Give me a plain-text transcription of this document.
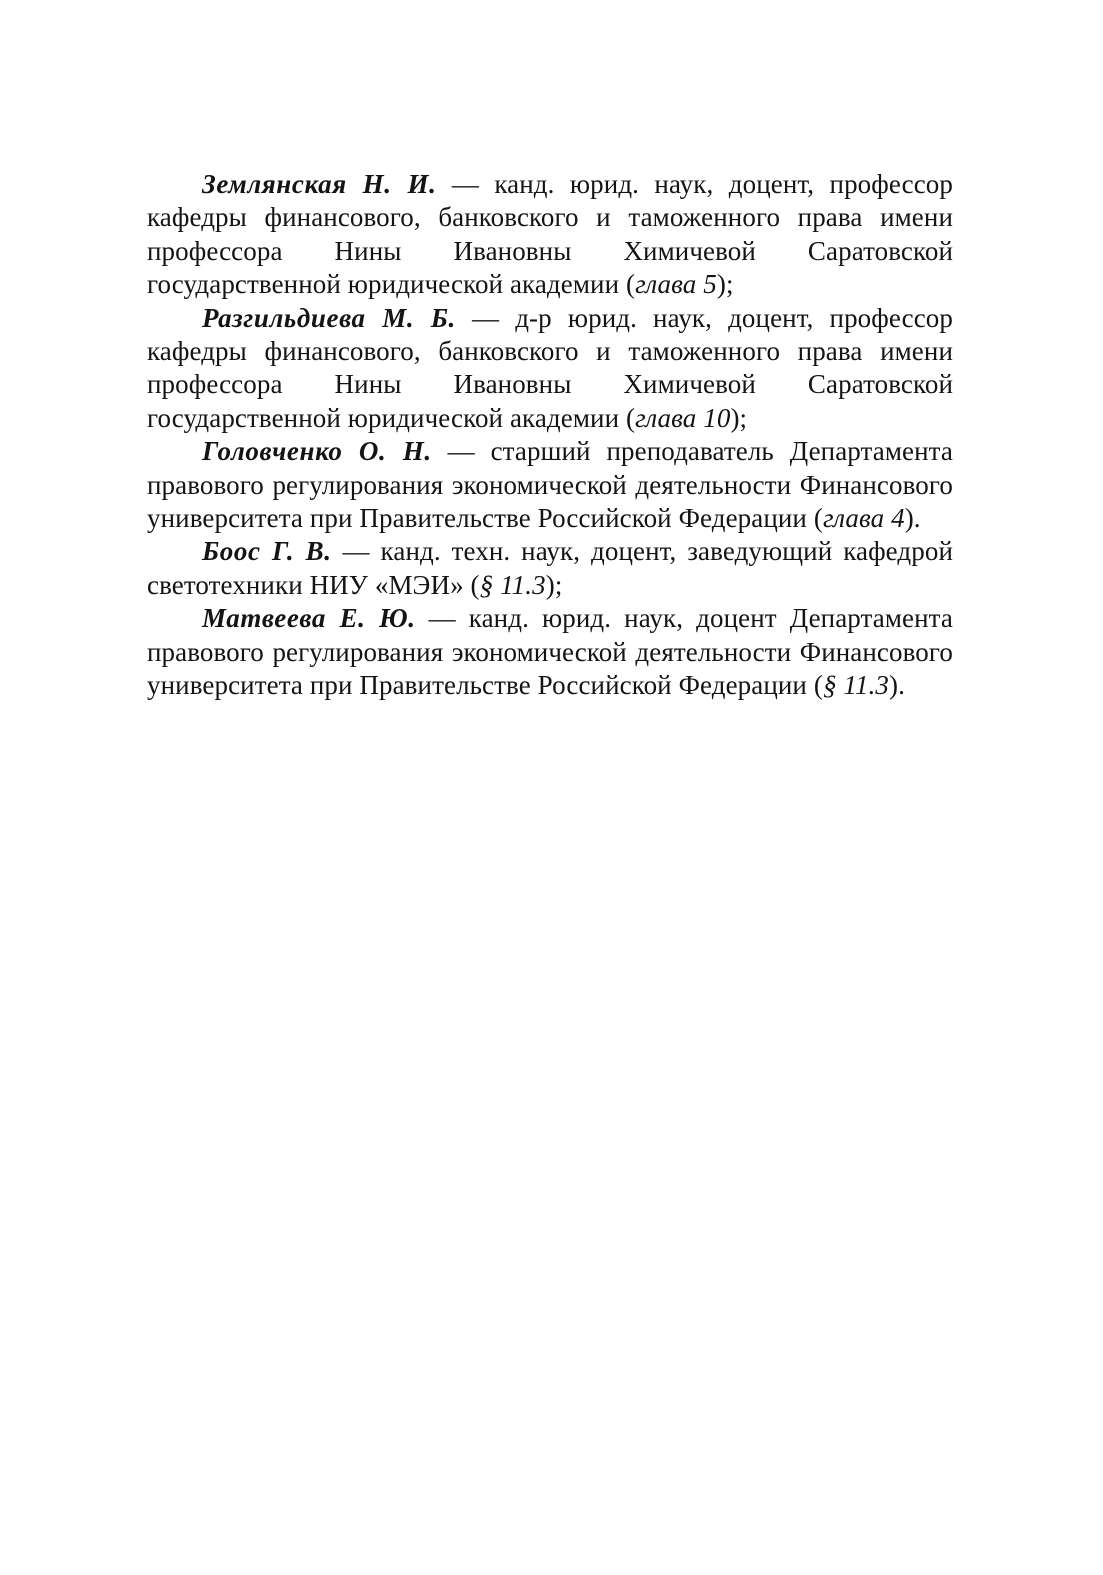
Землянская Н. И. — канд. юрид. наук, доцент, профессор кафедры финансового, банковского и таможенного права имени профессора Нины Ивановны Химичевой Саратовской государственной юридической академии (глава 5);

Разгильдиева М. Б. — д-р юрид. наук, доцент, профессор кафедры финансового, банковского и таможенного права имени профессора Нины Ивановны Химичевой Саратовской государственной юридической академии (глава 10);

Головченко О. Н. — старший преподаватель Департамента правового регулирования экономической деятельности Финансового университета при Правительстве Российской Федерации (глава 4).

Боос Г. В. — канд. техн. наук, доцент, заведующий кафедрой светотехники НИУ «МЭИ» (§ 11.3);

Матвеева Е. Ю. — канд. юрид. наук, доцент Департамента правового регулирования экономической деятельности Финансового университета при Правительстве Российской Федерации (§ 11.3).
